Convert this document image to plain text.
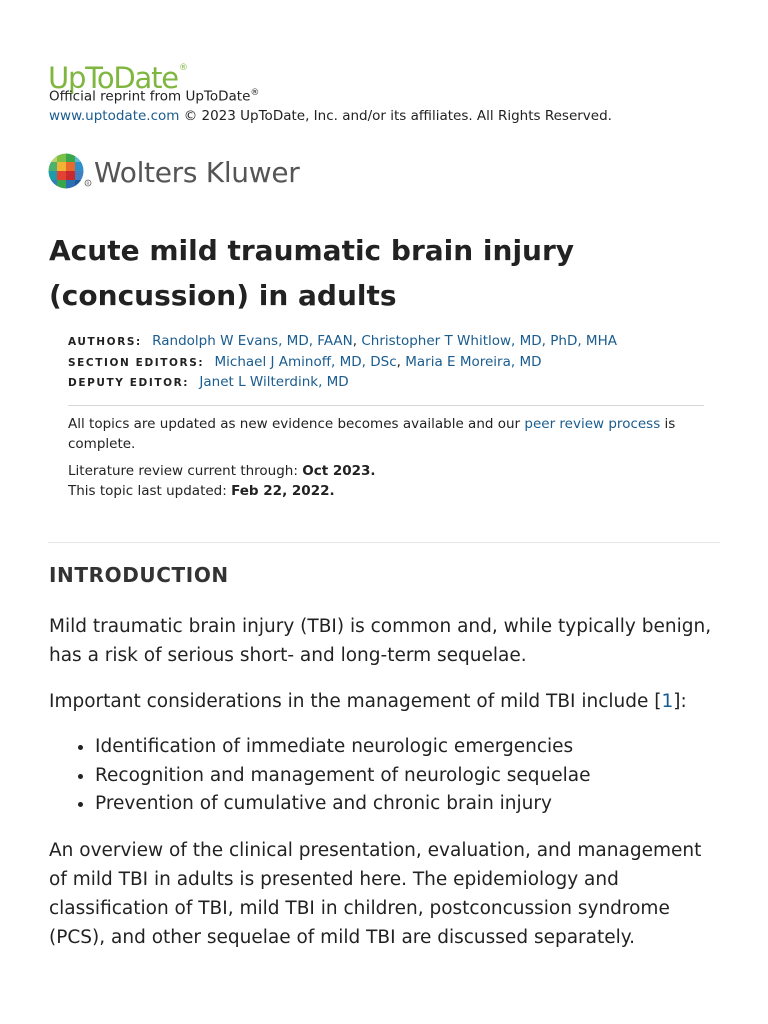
UpToDate®
Official reprint from UpToDate®
www.uptodate.com © 2023 UpToDate, Inc. and/or its affiliates. All Rights Reserved.
R Wolters Kluwer
Acute mild traumatic brain injury (concussion) in adults
AUTHORS: Randolph W Evans, MD, FAAN, Christopher T Whitlow, MD, PhD, MHA
SECTION EDITORS: Michael J Aminoff, MD, DSc, Maria E Moreira, MD
DEPUTY EDITOR: Janet L Wilterdink, MD
All topics are updated as new evidence becomes available and our peer review process is complete.
Literature review current through: Oct 2023.
This topic last updated: Feb 22, 2022.
INTRODUCTION

Mild traumatic brain injury (TBI) is common and, while typically benign, has a risk of serious short- and long-term sequelae.

Important considerations in the management of mild TBI include [1]:

• Identification of immediate neurologic emergencies
• Recognition and management of neurologic sequelae
• Prevention of cumulative and chronic brain injury

An overview of the clinical presentation, evaluation, and management of mild TBI in adults is presented here. The epidemiology and classification of TBI, mild TBI in children, postconcussion syndrome (PCS), and other sequelae of mild TBI are discussed separately.
